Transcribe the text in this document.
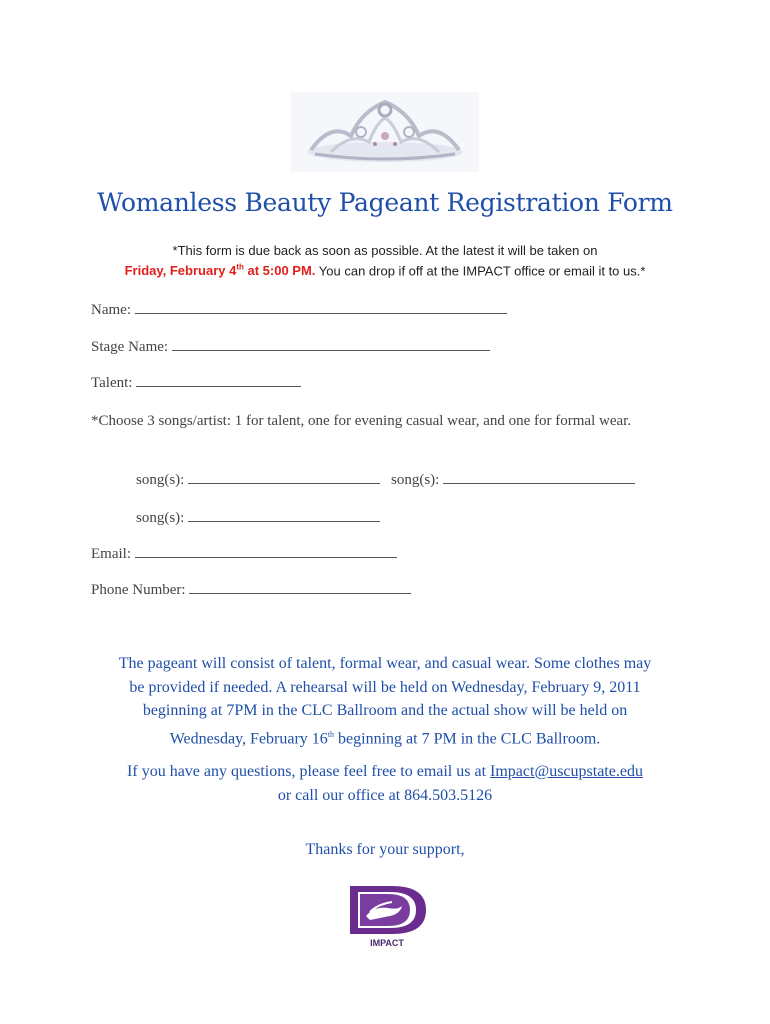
Womanless Beauty Pageant Registration Form
*This form is due back as soon as possible. At the latest it will be taken on
Friday, February 4th at 5:00 PM. You can drop if off at the IMPACT office or email it to us.*
Name:
Stage Name:
Talent:
*Choose 3 songs/artist: 1 for talent, one for evening casual wear, and one for formal wear.
song(s):	song(s):
song(s):
Email:
Phone Number:
The pageant will consist of talent, formal wear, and casual wear. Some clothes may
be provided if needed. A rehearsal will be held on Wednesday, February 9, 2011
beginning at 7PM in the CLC Ballroom and the actual show will be held on
Wednesday, February 16th beginning at 7 PM in the CLC Ballroom.
If you have any questions, please feel free to email us at Impact@uscupstate.edu
or call our office at 864.503.5126
Thanks for your support,
IMPACT
